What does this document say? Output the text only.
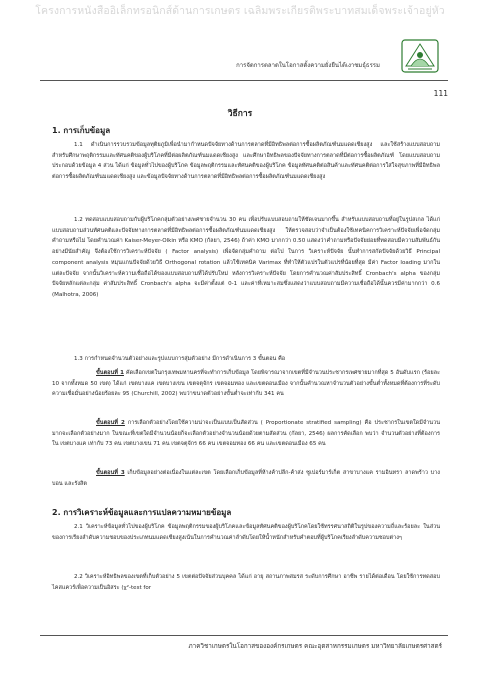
โครงการหนังสืออิเล็กทรอนิกส์ด้านการเกษตร เฉลิมพระเกียรติพระบาทสมเด็จพระเจ้าอยู่หัว
การจัดการตลาดในโอกาสตั้งความยั่งยืนได้เงาชมธุ์ธรรม
111
วิธีการ
1. การเก็บข้อมูล

1.1 ดำเนินการรวบรวมข้อมูลทุติยภูมิเพื่อนำมากำหนดปัจจัยทางด้านการตลาดที่มีอิทธิพลต่อการซื้อผลิตภัณฑ์นมแดดเชียงสูง และใช้สร้างแบบสอบถามสำหรับศึกษาพฤติกรรมและทัศนคติของผู้บริโภคที่มีต่อผลิตภัณฑ์นมแดดเชียงสูง และศึกษาอิทธิพลของปัจจัยทางการตลาดที่มีต่อการซื้อผลิตภัณฑ์ โดยแบบสอบถามประกอบด้วยข้อมูล 4 ส่วน ได้แก่ ข้อมูลทั่วไปของผู้บริโภค ข้อมูลพฤติกรรมและทัศนคติของผู้บริโภค ข้อมูลทัศนคติต่อสินค้าและทัศนคติต่อการใส่ใจสุขภาพที่มีอิทธิพลต่อการซื้อผลิตภัณฑ์นมแดดเชียงสูง และข้อมูลปัจจัยทางด้านการตลาดที่มีอิทธิพลต่อการซื้อผลิตภัณฑ์นมแดดเชียงสูง

1.2 ทดสอบแบบสอบถามกับผู้บริโภคกลุ่มตัวอย่างเพศชายจำนวน 30 คน เพื่อปรับแบบสอบถามให้ชัดเจนมากขึ้น สำหรับแบบสอบถามที่อยู่ในรูปสเกล ได้แก่ แบบสอบถามส่วนทัศนคติและปัจจัยทางการตลาดที่มีอิทธิพลต่อการซื้อผลิตภัณฑ์นมแดดเชียงสูง ให้ตรวจสอบว่าจำเป็นต้องใช้เทคนิคการวิเคราะห์ปัจจัยเพื่อจัดกลุ่มคำถามหรือไม่ โดยคำนวณค่า Kaiser-Meyer-Olkin หรือ KMO (กัลยา, 2546) ถ้าค่า KMO มากกว่า 0.50 แสดงว่าคำถามหรือปัจจัยย่อยที่ทดสอบมีความสัมพันธ์กันอย่างมีนัยสำคัญ จึงต้องใช้การวิเคราะห์ปัจจัย ( Factor analysis) เพื่อจัดกลุ่มคำถาม ต่อไป ในการ วิเคราะห์ปัจจัย นั้นทำการสกัดปัจจัยด้วยวิธี Principal component analysis หมุนแกนปัจจัยด้วยวิธี Orthogonal rotation แล้วใช้เทคนิค Varimax ที่ทำให้ตัวแปรในตัวแปรที่น้อยที่สุด มีค่า Factor loading มากในแต่ละปัจจัย จากนั้นวิเคราะห์ความเชื่อถือได้ของแบบสอบถามที่ได้ปรับใหม่ หลังการวิเคราะห์ปัจจัย โดยการคำนวณค่าสัมประสิทธิ์ Cronbach's alpha ของกลุ่มปัจจัยหลักแต่ละกลุ่ม ค่าสัมประสิทธิ์ Cronbach's alpha จะมีค่าตั้งแต่ 0-1 และค่าที่เหมาะสมซึ่งแสดงว่าแบบสอบถามมีความเชื่อถือได้นั้นควรมีค่ามากกว่า 0.6 (Malhotra, 2006)

1.3 การกำหนดจำนวนตัวอย่างและรูปแบบการสุ่มตัวอย่าง มีการดำเนินการ 3 ขั้นตอน คือ

ขั้นตอนที่ 1 คัดเลือกเขตในกรุงเทพมหานครที่จะทำการเก็บข้อมูล โดยพิจารณาจากเขตที่มีจำนวนประชากรเพศชายมากที่สุด 5 อันดับแรก (ร้อยละ 10 จากทั้งหมด 50 เขต) ได้แก่ เขตบางแค เขตบางเขน เขตจตุจักร เขตจอมทอง และเขตดอนเมือง จากนั้นคำนวณหาจำนวนตัวอย่างขั้นต่ำทั้งหมดที่ต้องการที่ระดับความเชื่อมั่นอย่างน้อยร้อยละ 95 (Churchill, 2002) พบว่าขนาดตัวอย่างขั้นต่ำจะเท่ากับ 341 คน

ขั้นตอนที่ 2 การเลือกตัวอย่างโดยใช้ความน่าจะเป็นแบบเป็นสัดส่วน ( Proportionate stratified sampling) คือ ประชากรในเขตใดมีจำนวนมากจะเลือกตัวอย่างมาก ในขณะที่เขตใดมีจำนวนน้อยก็จะเลือกตัวอย่างจำนวนน้อยด้วยตามสัดส่วน (กัลยา, 2546) ผลการคัดเลือก พบว่า จำนวนตัวอย่างที่ต้องการใน เขตบางแค เท่ากับ 73 คน เขตบางเขน 71 คน เขตจตุจักร 66 คน เขตจอมทอง 66 คน และเขตดอนเมือง 65 คน

ขั้นตอนที่ 3 เก็บข้อมูลอย่างต่อเนื่องในแต่ละเขต โดยเลือกเก็บข้อมูลที่ห้างค้าปลีก-ค้าส่ง ซูเปอร์มาร์เก็ต สาขาบางแค รามอินทรา ลาดพร้าว บางบอน และรังสิต

2. การวิเคราะห์ข้อมูลและการแปลความหมายข้อมูล

2.1 วิเคราะห์ข้อมูลทั่วไปของผู้บริโภค ข้อมูลพฤติกรรมของผู้บริโภคและข้อมูลทัศนคติของผู้บริโภคโดยใช้ทรรศนาสถิติในรูปของความถี่และร้อยละ ในส่วนของการเรียงลำดับความชอบของประเภทนมแดดเชียงสูงเน้นในการคำนวณค่าลำดับโดยให้น้ำหนักสำหรับคำตอบที่ผู้บริโภคเรียงลำดับความชอบต่างๆ

2.2 วิเคราะห์อิทธิพลของเขตที่เก็บตัวอย่าง 5 เขตต่อปัจจัยส่วนบุคคล ได้แก่ อายุ สถานภาพสมรส ระดับการศึกษา อาชีพ รายได้ต่อเดือน โดยใช้การทดสอบไคสแควร์เพื่อความเป็นอิสระ (χ²-test for

ภาควิชาเกษตรในโอกาสขององค์กรเกษตร คณะอุตสาหกรรมเกษตร มหาวิทยาลัยเกษตรศาสตร์
